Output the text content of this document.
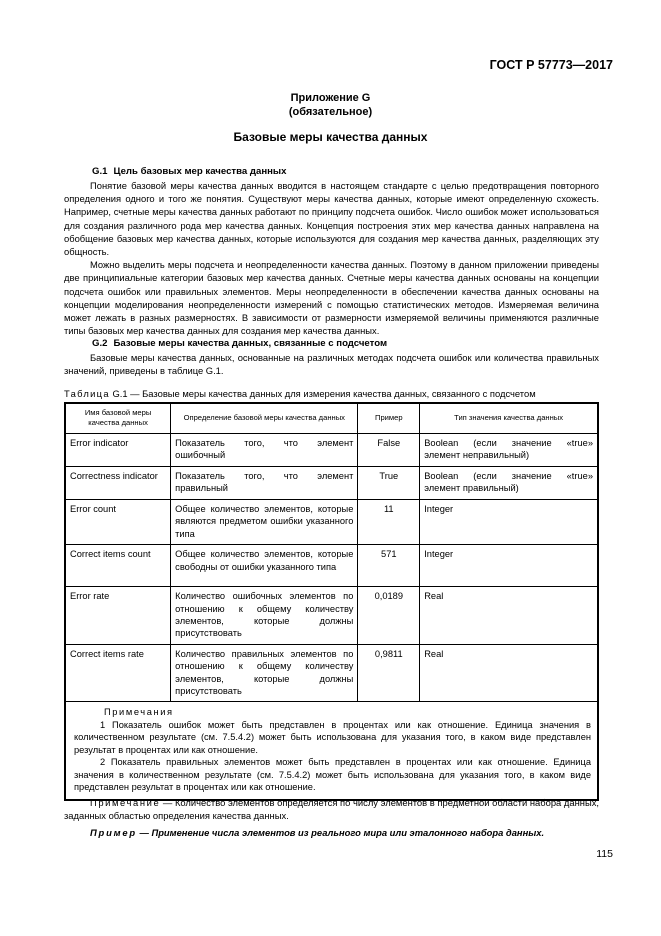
ГОСТ Р 57773—2017
Приложение G
(обязательное)
Базовые меры качества данных
G.1 Цель базовых мер качества данных

Понятие базовой меры качества данных вводится в настоящем стандарте с целью предотвращения повторного определения одного и того же понятия. Существуют меры качества данных, которые имеют определенную схожесть. Например, счетные меры качества данных работают по принципу подсчета ошибок. Число ошибок может использоваться для создания различного рода мер качества данных. Концепция построения этих мер качества данных направлена на обобщение базовых мер качества данных, которые используются для создания мер качества данных, разделяющих эту общность.

Можно выделить меры подсчета и неопределенности качества данных. Поэтому в данном приложении приведены две принципиальные категории базовых мер качества данных. Счетные меры качества данных основаны на концепции подсчета ошибок или правильных элементов. Меры неопределенности в обеспечении качества данных основаны на концепции моделирования неопределенности измерений с помощью статистических методов. Измеряемая величина может лежать в разных размерностях. В зависимости от размерности измеряемой величины применяются различные типы базовых мер качества данных для создания мер качества данных.

G.2 Базовые меры качества данных, связанные с подсчетом

Базовые меры качества данных, основанные на различных методах подсчета ошибок или количества правильных значений, приведены в таблице G.1.

Таблица G.1 — Базовые меры качества данных для измерения качества данных, связанного с подсчетом
Имя базовой меры качества данных	Определение базовой меры качества данных	Пример	Тип значения качества данных
Error indicator	Показатель того, что элемент ошибочный	False	Boolean (если значение «true» элемент неправильный)
Correctness indicator	Показатель того, что элемент правильный	True	Boolean (если значение «true» элемент правильный)
Error count	Общее количество элементов, которые являются предметом ошибки указанного типа	11	Integer
Correct items count	Общее количество элементов, которые свободны от ошибки указанного типа	571	Integer
Error rate	Количество ошибочных элементов по отношению к общему количеству элементов, которые должны присутствовать	0,0189	Real
Correct items rate	Количество правильных элементов по отношению к общему количеству элементов, которые должны присутствовать	0,9811	Real

Примечания

1 Показатель ошибок может быть представлен в процентах или как отношение. Единица значения в количественном результате (см. 7.5.4.2) может быть использована для указания того, в каком виде представлен результат в процентах или как отношение.

2 Показатель правильных элементов может быть представлен в процентах или как отношение. Единица значения в количественном результате (см. 7.5.4.2) может быть использована для указания того, в каком виде представлен результат в процентах или как отношение.			

Примечание — Количество элементов определяется по числу элементов в предметной области набора данных, заданных областью определения качества данных.

Пример — Применение числа элементов из реального мира или эталонного набора данных.

115
